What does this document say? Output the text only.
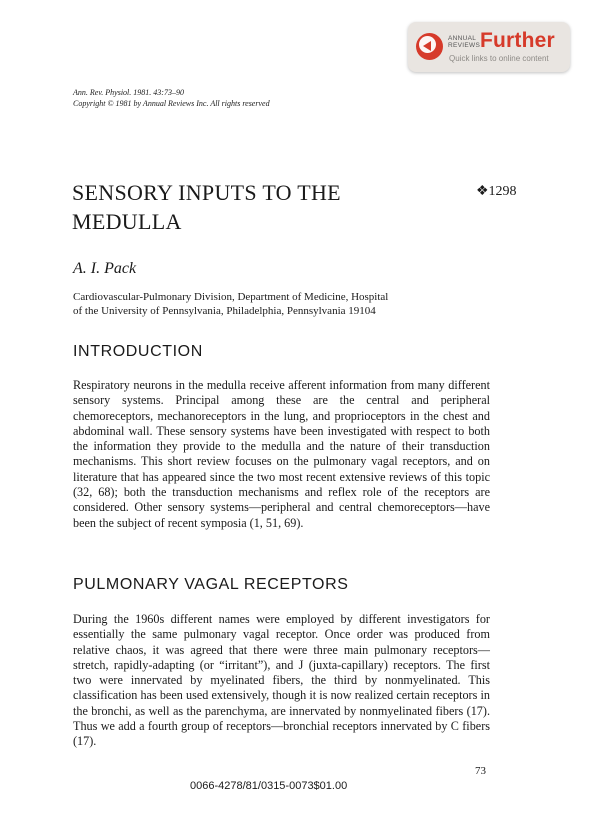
ANNUAL
REVIEWS Further
Quick links to online content
Ann. Rev. Physiol. 1981. 43:73–90
Copyright © 1981 by Annual Reviews Inc. All rights reserved
SENSORY INPUTS TO THE
MEDULLA
❖1298
A. I. Pack
Cardiovascular-Pulmonary Division, Department of Medicine, Hospital
of the University of Pennsylvania, Philadelphia, Pennsylvania 19104
INTRODUCTION

Respiratory neurons in the medulla receive afferent information from many different sensory systems. Principal among these are the central and peripheral chemoreceptors, mechanoreceptors in the lung, and proprioceptors in the chest and abdominal wall. These sensory systems have been investigated with respect to both the information they provide to the medulla and the nature of their transduction mechanisms. This short review focuses on the pulmonary vagal receptors, and on literature that has appeared since the two most recent extensive reviews of this topic (32, 68); both the transduction mechanisms and reflex role of the receptors are considered. Other sensory systems—peripheral and central chemoreceptors—have been the subject of recent symposia (1, 51, 69).

PULMONARY VAGAL RECEPTORS

During the 1960s different names were employed by different investigators for essentially the same pulmonary vagal receptor. Once order was produced from relative chaos, it was agreed that there were three main pulmonary receptors—stretch, rapidly-adapting (or “irritant”), and J (juxta-capillary) receptors. The first two were innervated by myelinated fibers, the third by nonmyelinated. This classification has been used extensively, though it is now realized certain receptors in the bronchi, as well as the parenchyma, are innervated by nonmyelinated fibers (17). Thus we add a fourth group of receptors—bronchial receptors innervated by C fibers (17).

73
0066-4278/81/0315-0073$01.00
